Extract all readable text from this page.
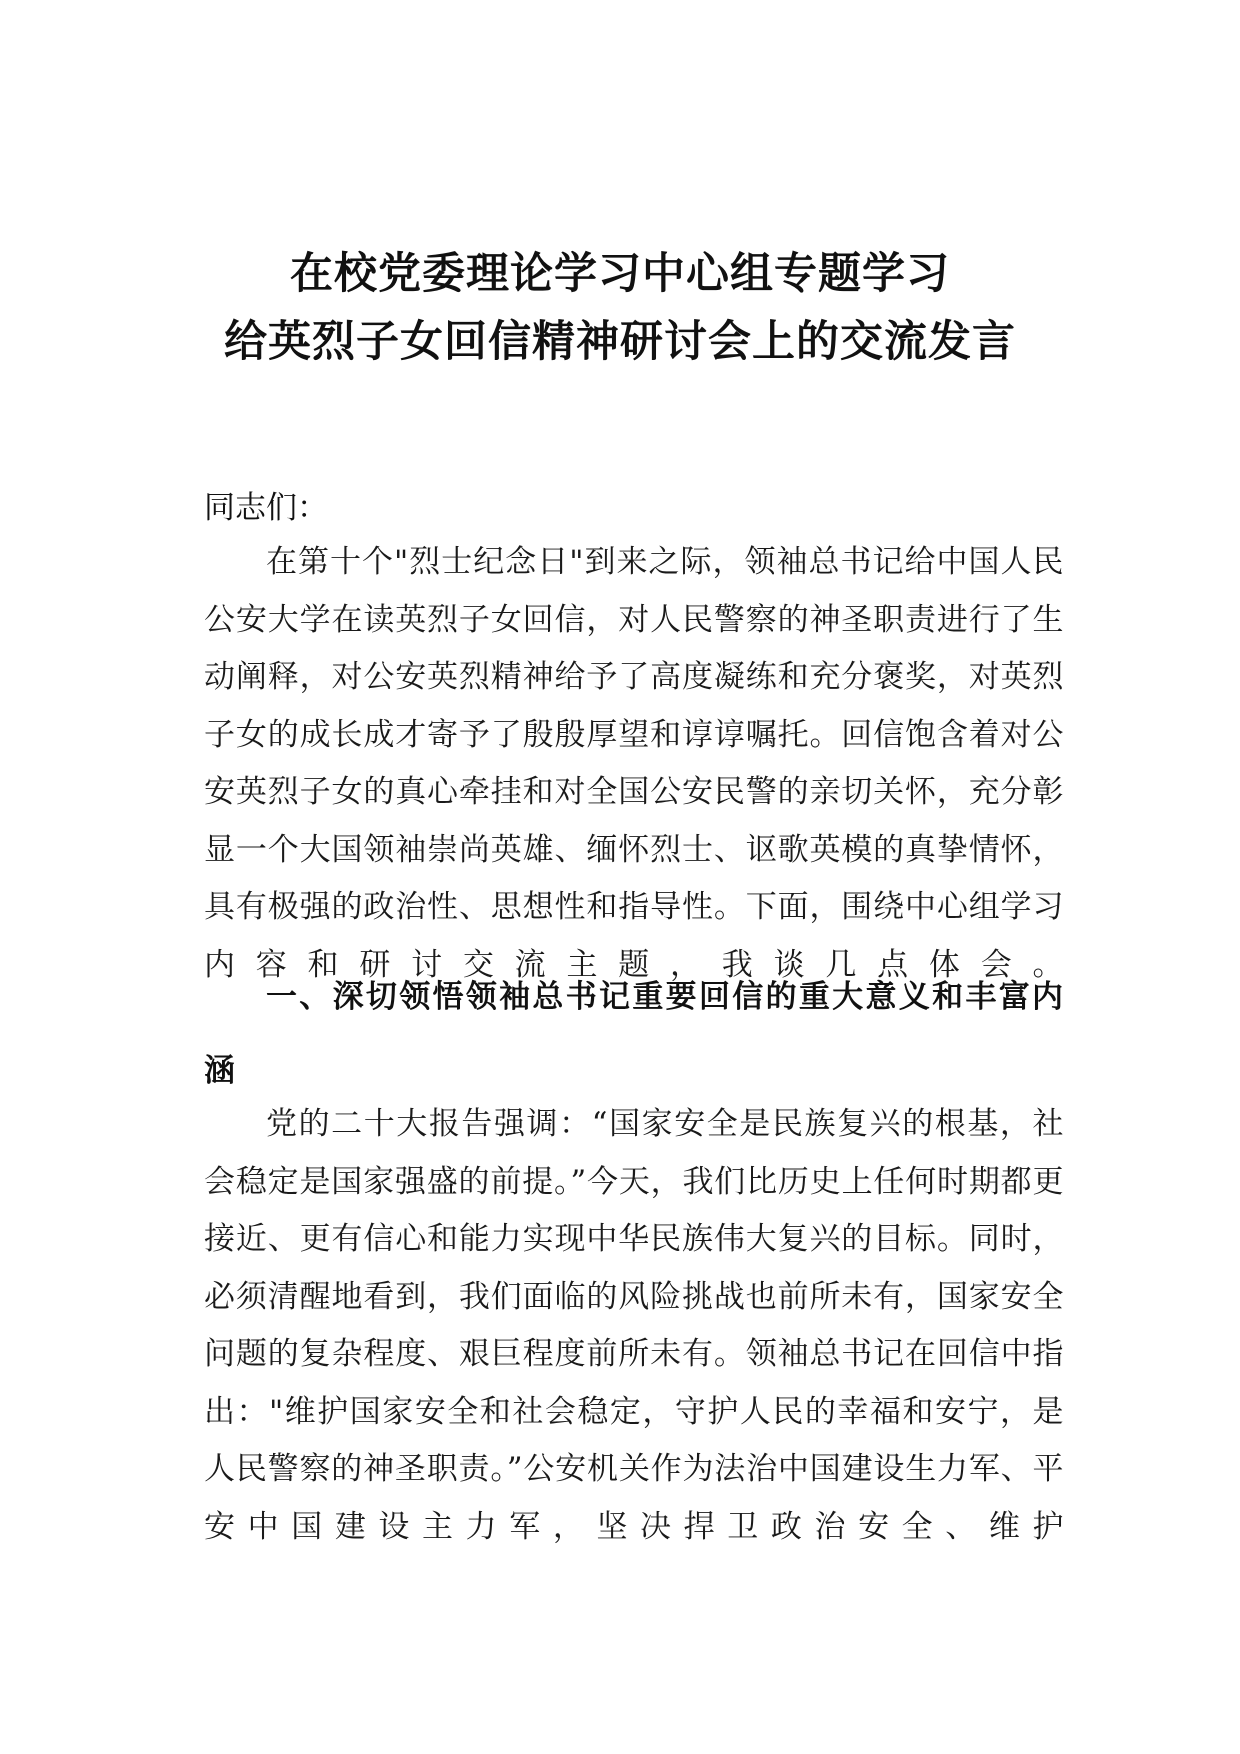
在校党委理论学习中心组专题学习
给英烈子女回信精神研讨会上的交流发言

同志们：

在第十个"烈士纪念日"到来之际，领袖总书记给中国人民公安大学在读英烈子女回信，对人民警察的神圣职责进行了生动阐释，对公安英烈精神给予了高度凝练和充分褒奖，对英烈子女的成长成才寄予了殷殷厚望和谆谆嘱托。回信饱含着对公安英烈子女的真心牵挂和对全国公安民警的亲切关怀，充分彰显一个大国领袖崇尚英雄、缅怀烈士、讴歌英模的真挚情怀，具有极强的政治性、思想性和指导性。下面，围绕中心组学习内容和研讨交流主题，我谈几点体会。

一、深切领悟领袖总书记重要回信的重大意义和丰富内涵

党的二十大报告强调：“国家安全是民族复兴的根基，社会稳定是国家强盛的前提。”今天，我们比历史上任何时期都更接近、更有信心和能力实现中华民族伟大复兴的目标。同时，必须清醒地看到，我们面临的风险挑战也前所未有，国家安全问题的复杂程度、艰巨程度前所未有。领袖总书记在回信中指出："维护国家安全和社会稳定，守护人民的幸福和安宁，是人民警察的神圣职责。”公安机关作为法治中国建设生力军、平安中国建设主力军，坚决捍卫政治安全、维护
